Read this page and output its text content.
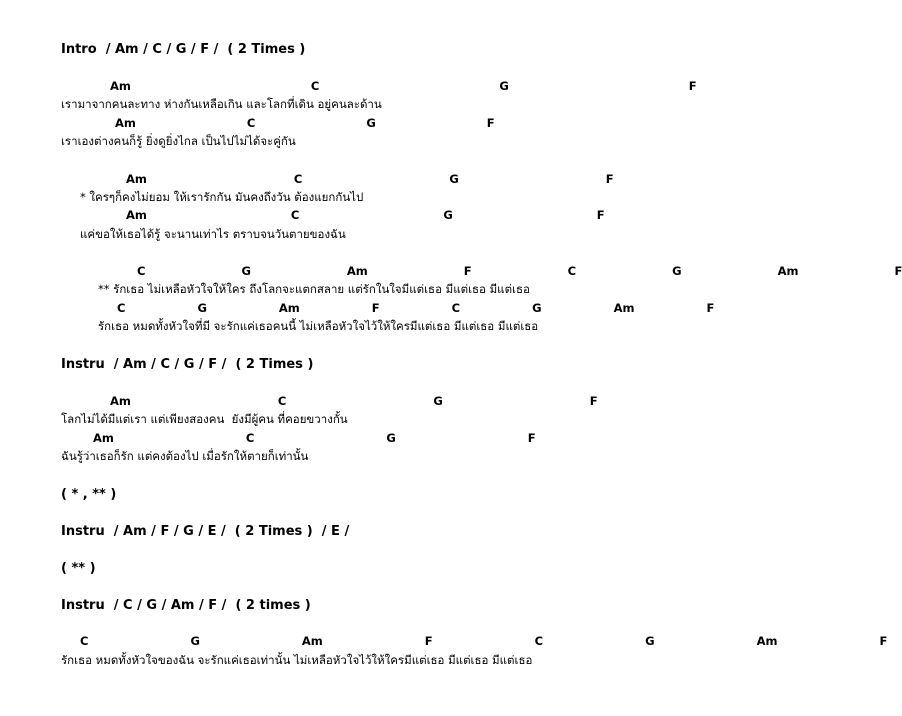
Intro  / Am / C / G / F /  ( 2 Times )
Am   C   G   F
เรามาจากคนละทาง ห่างกันเหลือเกิน และโลกที่เดิน อยู่คนละด้าน
Am   C   G   F
เราเองต่างคนก็รู้ ยิ่งดูยิ่งไกล เป็นไปไม่ได้จะคู่กัน
Am   C   G   F
* ใครๆก็คงไม่ยอม ให้เรารักกัน มันคงถึงวัน ต้องแยกกันไป
Am   C   G   F
แค่ขอให้เธอได้รู้ จะนานเท่าไร ตราบจนวันตายของฉัน
C   G   Am   F   C   G   Am   F
** รักเธอ ไม่เหลือหัวใจให้ใคร ถึงโลกจะแตกสลาย แต่รักในใจมีแต่เธอ มีแต่เธอ มีแต่เธอ
C   G   Am   F   C   G   Am   F
รักเธอ หมดทั้งหัวใจที่มี จะรักแค่เธอคนนี้ ไม่เหลือหัวใจไว้ให้ใครมีแต่เธอ มีแต่เธอ มีแต่เธอ
Instru  / Am / C / G / F /  ( 2 Times )
Am   C   G   F
โลกไม่ได้มีแต่เรา แต่เพียงสองคน  ยังมีผู้คน ที่คอยขวางกั้น
Am   C   G   F
ฉันรู้ว่าเธอก็รัก แต่คงต้องไป เมื่อรักให้ตายก็เท่านั้น
( * , ** )
Instru  / Am / F / G / E /  ( 2 Times )  / E /
( ** )
Instru  / C / G / Am / F /  ( 2 times )
C   G   Am   F   C   G   Am   F
รักเธอ หมดทั้งหัวใจของฉัน จะรักแค่เธอเท่านั้น ไม่เหลือหัวใจไว้ให้ใครมีแต่เธอ มีแต่เธอ มีแต่เธอ
